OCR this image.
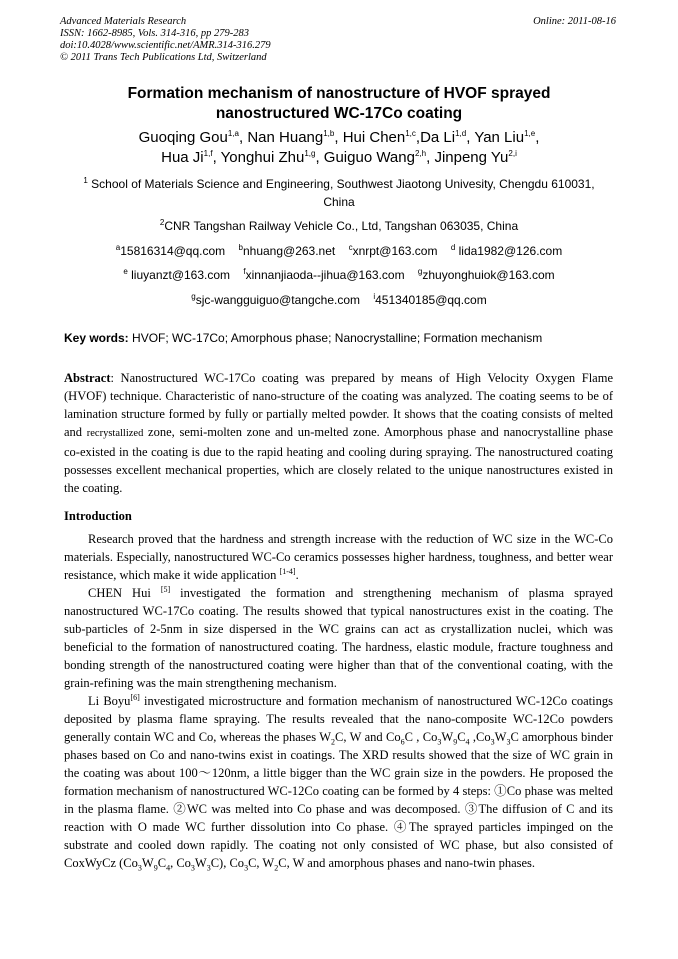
Advanced Materials Research
ISSN: 1662-8985, Vols. 314-316, pp 279-283
doi:10.4028/www.scientific.net/AMR.314-316.279
© 2011 Trans Tech Publications Ltd, Switzerland
Online: 2011-08-16
Formation mechanism of nanostructure of HVOF sprayed
nanostructured WC-17Co coating
Guoqing Gou$^{1,a}$, Nan Huang$^{1,b}$, Hui Chen$^{1,c}$,Da Li$^{1,d}$, Yan Liu$^{1,e}$,
Hua Ji$^{1,f}$, Yonghui Zhu$^{1,g}$, Guiguo Wang$^{2,h}$, Jinpeng Yu$^{2,i}$
$^1$ School of Materials Science and Engineering, Southwest Jiaotong Univesity, Chengdu 610031, China
$^2$CNR Tangshan Railway Vehicle Co., Ltd, Tangshan 063035, China
$^a$15816314@qq.com $^b$nhuang@263.net $^c$xnrpt@163.com $^d$ lida1982@126.com
$^e$ liuyanzt@163.com $^f$xinnanjiaoda--jihua@163.com $^g$zhuyonghuiok@163.com
$^g$sjc-wangguiguo@tangche.com $^i$451340185@qq.com
Key words: HVOF; WC-17Co; Amorphous phase; Nanocrystalline; Formation mechanism
Abstract: Nanostructured WC-17Co coating was prepared by means of High Velocity Oxygen Flame (HVOF) technique. Characteristic of nano-structure of the coating was analyzed. The coating seems to be of lamination structure formed by fully or partially melted powder. It shows that the coating consists of melted and recrystallized zone, semi-molten zone and un-melted zone. Amorphous phase and nanocrystalline phase co-existed in the coating is due to the rapid heating and cooling during spraying. The nanostructured coating possesses excellent mechanical properties, which are closely related to the unique nanostructures existed in the coating.
Introduction

Research proved that the hardness and strength increase with the reduction of WC size in the WC-Co materials. Especially, nanostructured WC-Co ceramics possesses higher hardness, toughness, and better wear resistance, which make it wide application [1-4].

CHEN Hui [5] investigated the formation and strengthening mechanism of plasma sprayed nanostructured WC-17Co coating. The results showed that typical nanostructures exist in the coating. The sub-particles of 2-5nm in size dispersed in the WC grains can act as crystallization nuclei, which was beneficial to the formation of nanostructured coating. The hardness, elastic module, fracture toughness and bonding strength of the nanostructured coating were higher than that of the conventional coating, with the grain-refining was the main strengthening mechanism.

Li Boyu[6] investigated microstructure and formation mechanism of nanostructured WC-12Co coatings deposited by plasma flame spraying. The results revealed that the nano-composite WC-12Co powders generally contain WC and Co, whereas the phases $W_2C$, W and $Co_6C$ , $Co_3W_9C_4$ $,Co_3W_3C$ amorphous binder phases based on Co and nano-twins exist in coatings. The XRD results showed that the size of WC grain in the coating was about 100～120nm, a little bigger than the WC grain size in the powders. He proposed the formation mechanism of nanostructured WC-12Co coating can be formed by 4 steps: ①Co phase was melted in the plasma flame. ②WC was melted into Co phase and was decomposed. ③The diffusion of C and its reaction with O made WC further dissolution into Co phase. ④The sprayed particles impinged on the substrate and cooled down rapidly. The coating not only consisted of WC phase, but also consisted of CoxWyCz ($Co_3W_9C_4$, $Co_3W_3C$), $Co_3C$, $W_2C$, W and amorphous phases and nano-twin phases.
